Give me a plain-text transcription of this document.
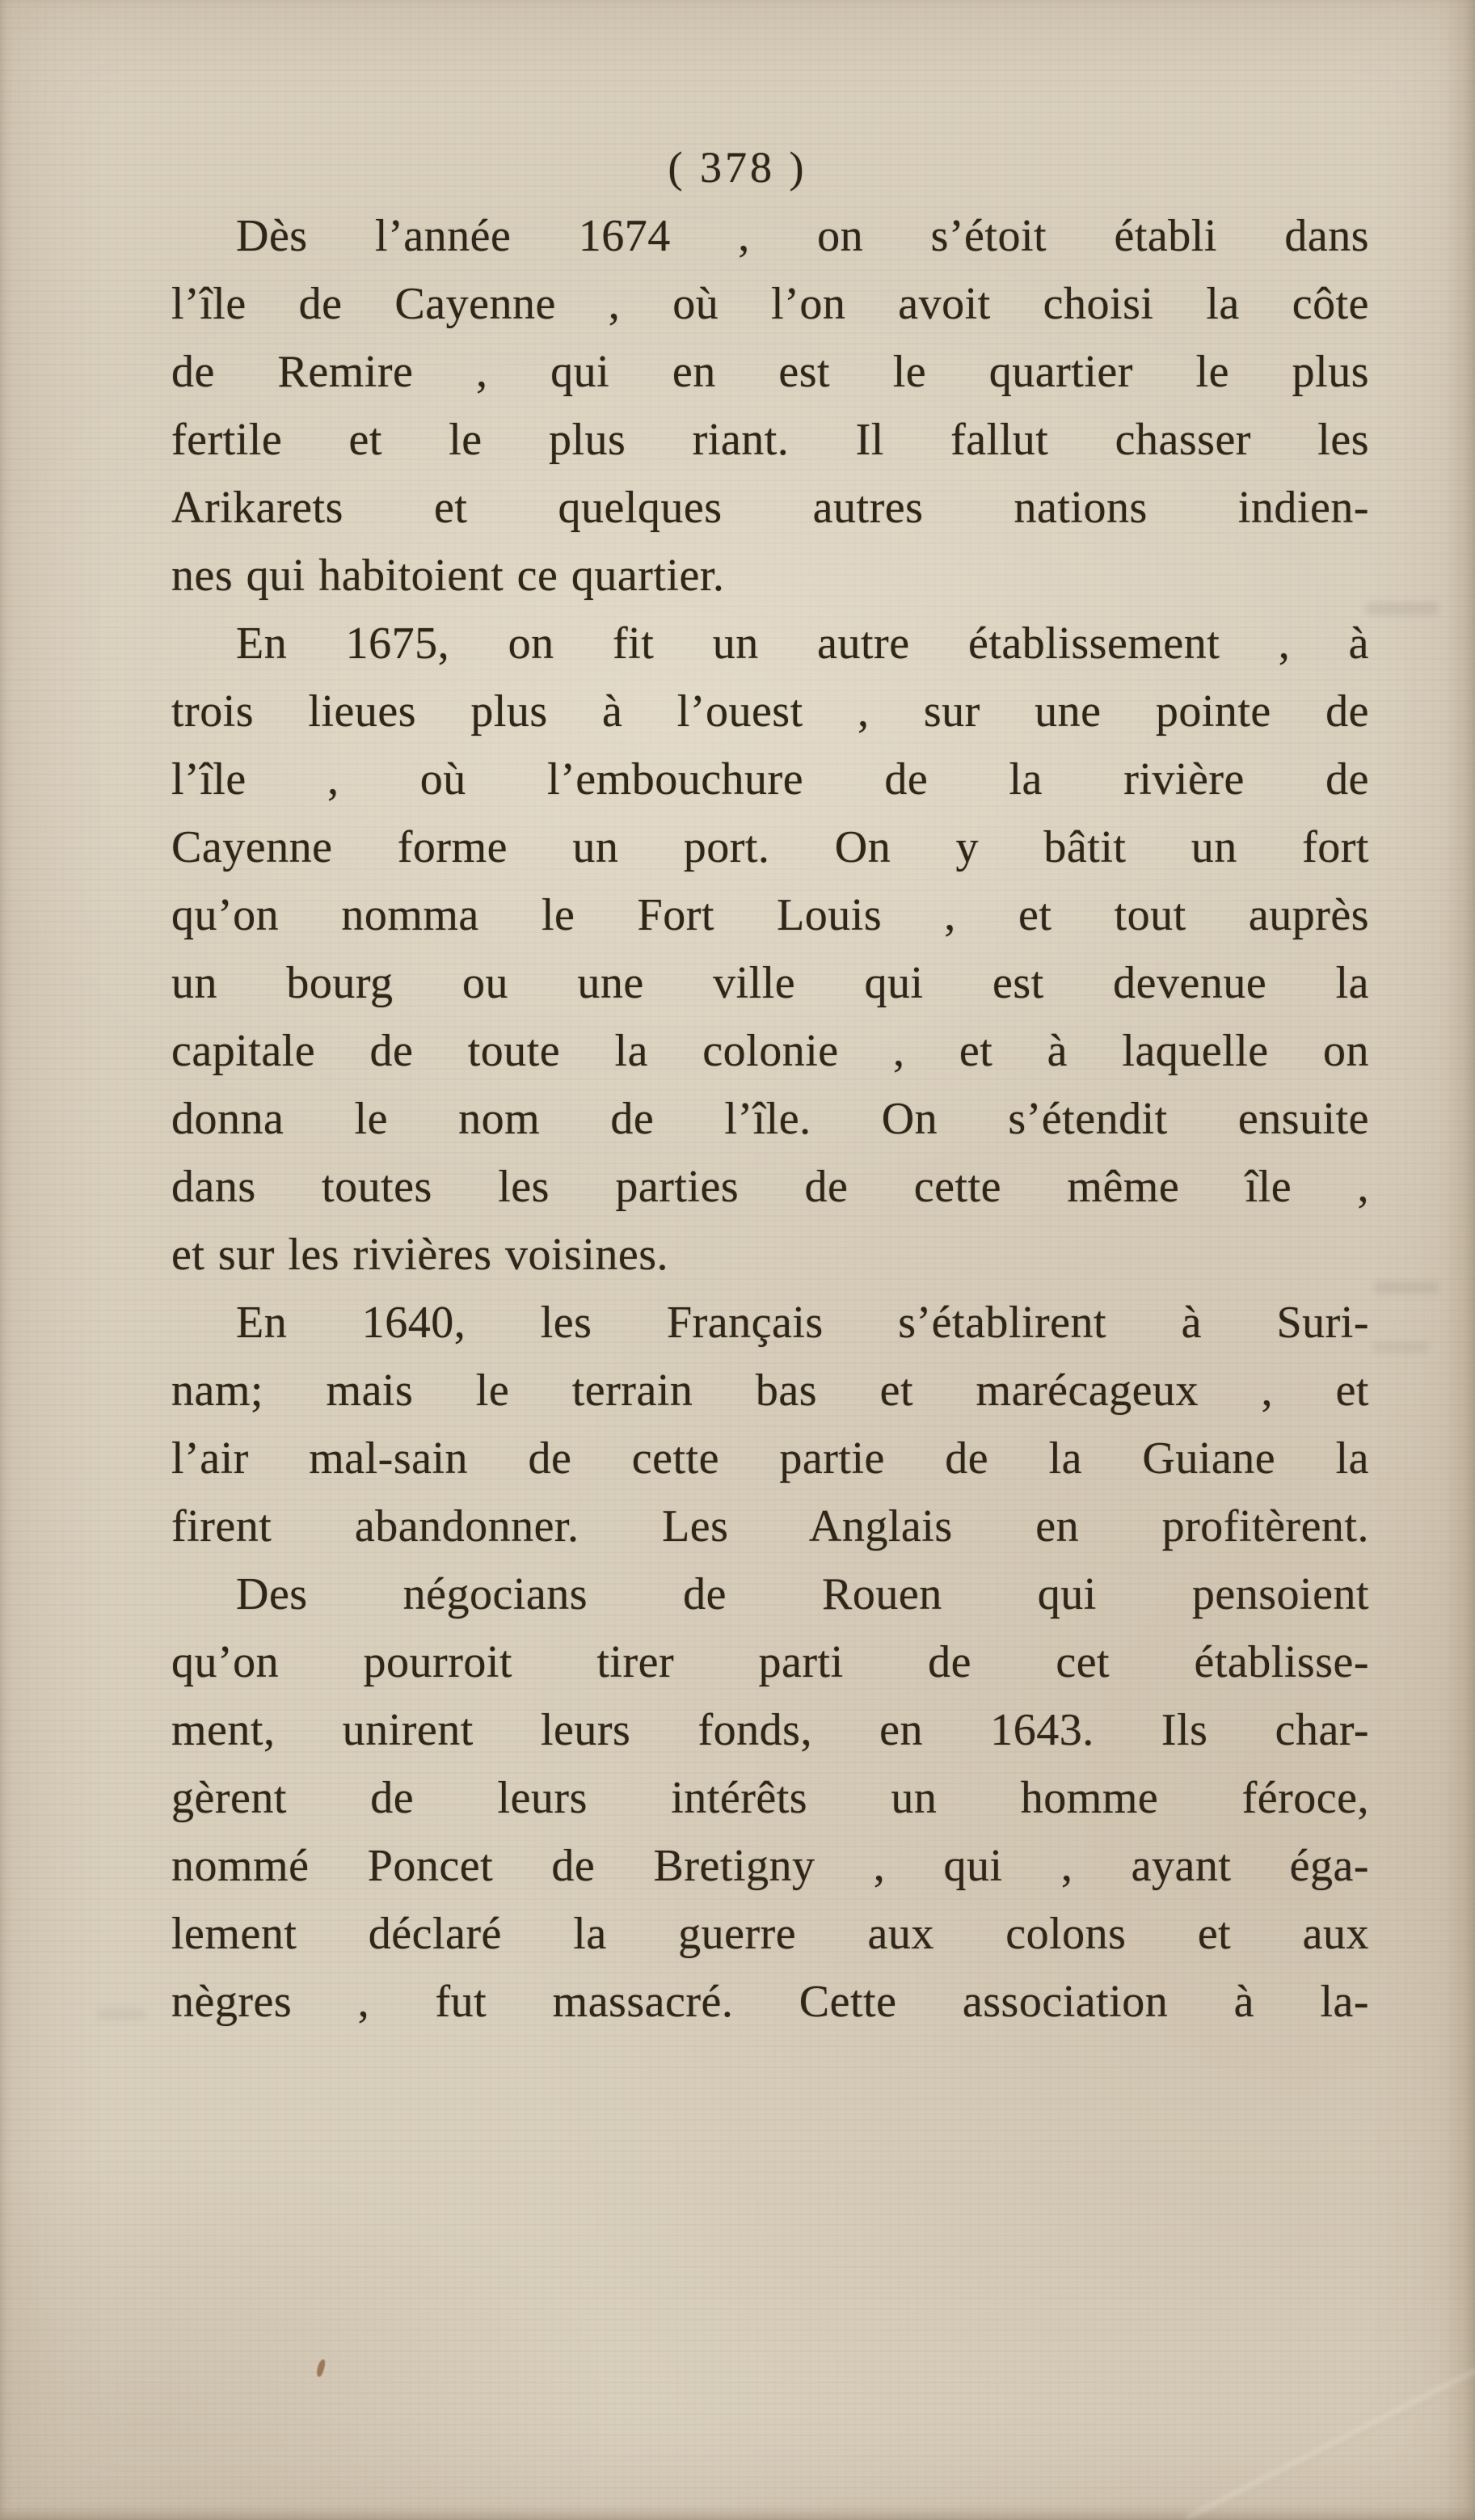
( 378 )
Dès l’année 1674 , on s’étoit établi dans
l’île de Cayenne , où l’on avoit choisi la côte
de Remire , qui en est le quartier le plus
fertile et le plus riant. Il fallut chasser les
Arikarets et quelques autres nations indien-
nes qui habitoient ce quartier.
En 1675, on fit un autre établissement , à
trois lieues plus à l’ouest , sur une pointe de
l’île , où l’embouchure de la rivière de
Cayenne forme un port. On y bâtit un fort
qu’on nomma le Fort Louis , et tout auprès
un bourg ou une ville qui est devenue la
capitale de toute la colonie , et à laquelle on
donna le nom de l’île. On s’étendit ensuite
dans toutes les parties de cette même île ,
et sur les rivières voisines.
En 1640, les Français s’établirent à Suri-
nam; mais le terrain bas et marécageux , et
l’air mal-sain de cette partie de la Guiane la
firent abandonner. Les Anglais en profitèrent.
Des négocians de Rouen qui pensoient
qu’on pourroit tirer parti de cet établisse-
ment, unirent leurs fonds, en 1643. Ils char-
gèrent de leurs intérêts un homme féroce,
nommé Poncet de Bretigny , qui , ayant éga-
lement déclaré la guerre aux colons et aux
nègres , fut massacré. Cette association à la-
